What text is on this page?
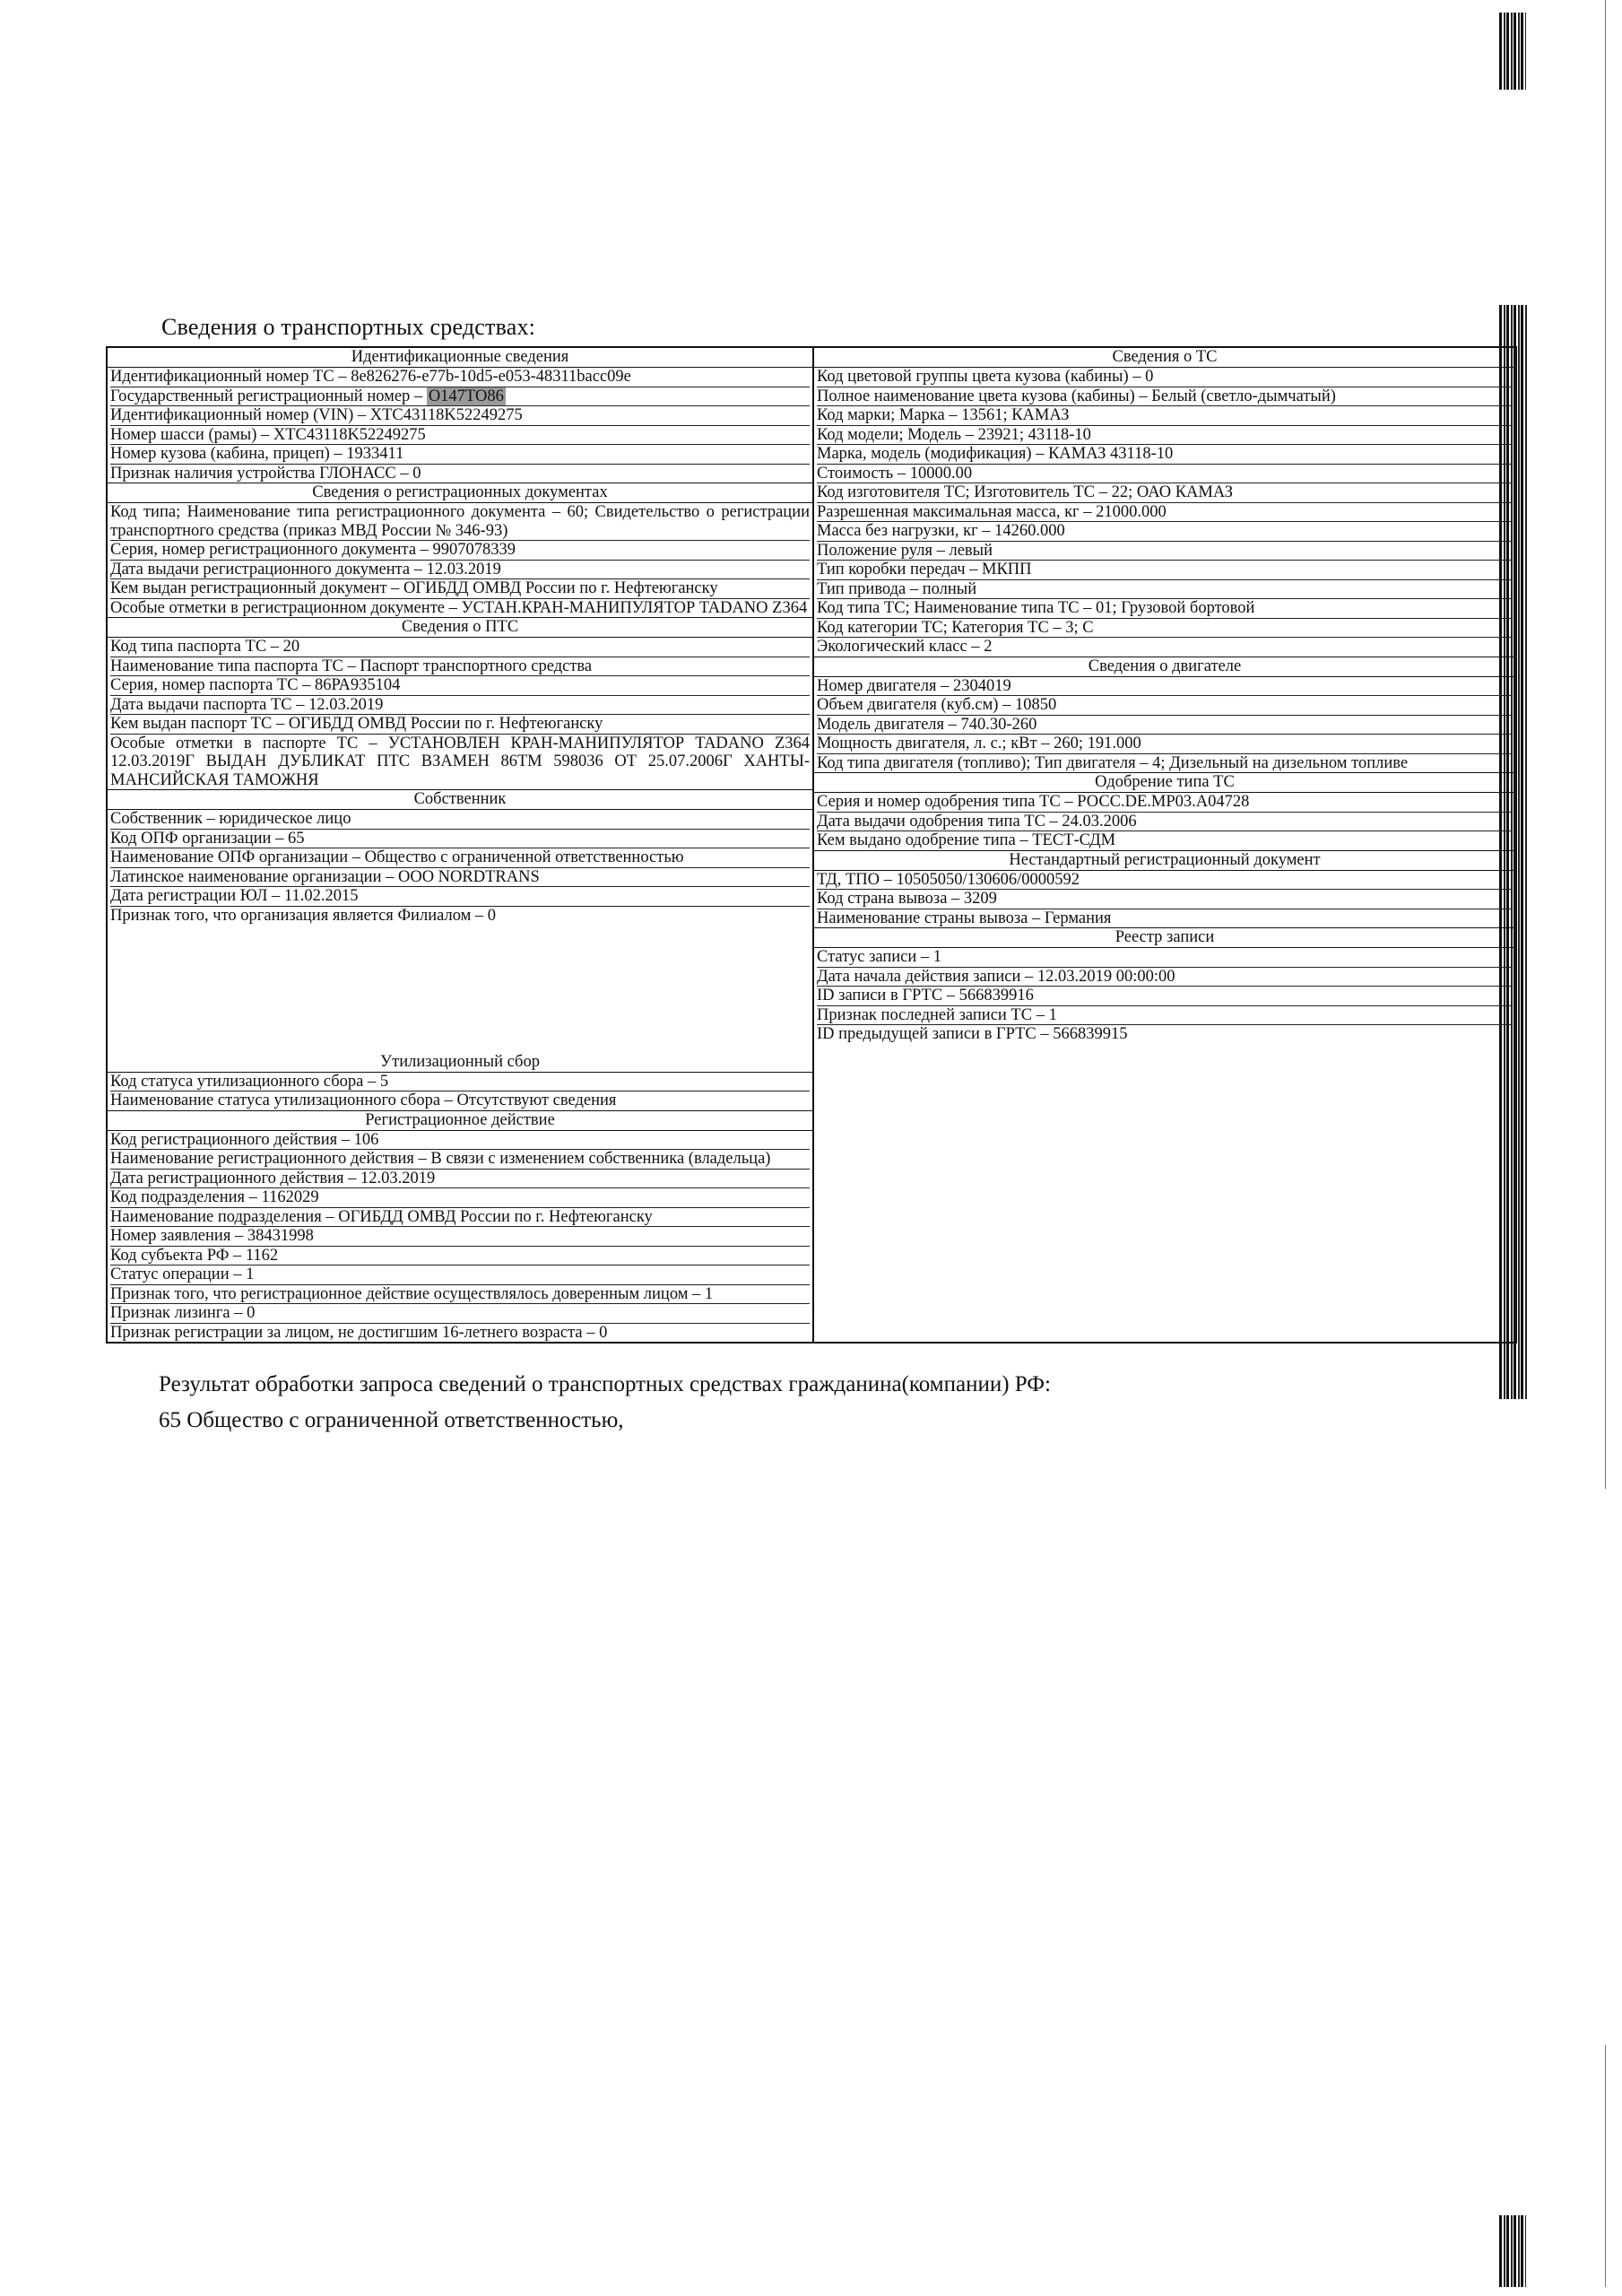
Сведения о транспортных средствах:
Идентификационные сведения
Идентификационный номер ТС – 8e826276-e77b-10d5-e053-48311bacc09e
Государственный регистрационный номер – О147ТО86
Идентификационный номер (VIN) – XTC43118K52249275
Номер шасси (рамы) – XTC43118K52249275
Номер кузова (кабина, прицеп) – 1933411
Признак наличия устройства ГЛОНАСС – 0
Сведения о регистрационных документах
Код типа; Наименование типа регистрационного документа – 60; Свидетельство о регистрации транспортного средства (приказ МВД России № 346-93)
Серия, номер регистрационного документа – 9907078339
Дата выдачи регистрационного документа – 12.03.2019
Кем выдан регистрационный документ – ОГИБДД ОМВД России по г. Нефтеюганску
Особые отметки в регистрационном документе – УСТАН.КРАН-МАНИПУЛЯТОР TADANO Z364
Сведения о ПТС
Код типа паспорта ТС – 20
Наименование типа паспорта ТС – Паспорт транспортного средства
Серия, номер паспорта ТС – 86РА935104
Дата выдачи паспорта ТС – 12.03.2019
Кем выдан паспорт ТС – ОГИБДД ОМВД России по г. Нефтеюганску
Особые отметки в паспорте ТС – УСТАНОВЛЕН КРАН-МАНИПУЛЯТОР TADANO Z364 12.03.2019Г ВЫДАН ДУБЛИКАТ ПТС ВЗАМЕН 86ТМ 598036 ОТ 25.07.2006Г ХАНТЫ-МАНСИЙСКАЯ ТАМОЖНЯ
Собственник
Собственник – юридическое лицо
Код ОПФ организации – 65
Наименование ОПФ организации – Общество с ограниченной ответственностью
Латинское наименование организации – ООО NORDTRANS
Дата регистрации ЮЛ – 11.02.2015
Признак того, что организация является Филиалом – 0
Утилизационный сбор
Код статуса утилизационного сбора – 5
Наименование статуса утилизационного сбора – Отсутствуют сведения
Регистрационное действие
Код регистрационного действия – 106
Наименование регистрационного действия – В связи с изменением собственника (владельца)
Дата регистрационного действия – 12.03.2019
Код подразделения – 1162029
Наименование подразделения – ОГИБДД ОМВД России по г. Нефтеюганску
Номер заявления – 38431998
Код субъекта РФ – 1162
Статус операции – 1
Признак того, что регистрационное действие осуществлялось доверенным лицом – 1
Признак лизинга – 0
Признак регистрации за лицом, не достигшим 16-летнего возраста – 0
Сведения о ТС
Код цветовой группы цвета кузова (кабины) – 0
Полное наименование цвета кузова (кабины) – Белый (светло-дымчатый)
Код марки; Марка – 13561; КАМАЗ
Код модели; Модель – 23921; 43118-10
Марка, модель (модификация) – КАМАЗ 43118-10
Стоимость – 10000.00
Код изготовителя ТС; Изготовитель ТС – 22; ОАО КАМАЗ
Разрешенная максимальная масса, кг – 21000.000
Масса без нагрузки, кг – 14260.000
Положение руля – левый
Тип коробки передач – МКПП
Тип привода – полный
Код типа ТС; Наименование типа ТС – 01; Грузовой бортовой
Код категории ТС; Категория ТС – 3; С
Экологический класс – 2
Сведения о двигателе
Номер двигателя – 2304019
Объем двигателя (куб.см) – 10850
Модель двигателя – 740.30-260
Мощность двигателя, л. с.; кВт – 260; 191.000
Код типа двигателя (топливо); Тип двигателя – 4; Дизельный на дизельном топливе
Одобрение типа ТС
Серия и номер одобрения типа ТС – РОСС.DE.МР03.А04728
Дата выдачи одобрения типа ТС – 24.03.2006
Кем выдано одобрение типа – ТЕСТ-СДМ
Нестандартный регистрационный документ
ТД, ТПО – 10505050/130606/0000592
Код страна вывоза – 3209
Наименование страны вывоза – Германия
Реестр записи
Статус записи – 1
Дата начала действия записи – 12.03.2019 00:00:00
ID записи в ГРТС – 566839916
Признак последней записи ТС – 1
ID предыдущей записи в ГРТС – 566839915
Результат обработки запроса сведений о транспортных средствах гражданина(компании) РФ:
65 Общество с ограниченной ответственностью,
